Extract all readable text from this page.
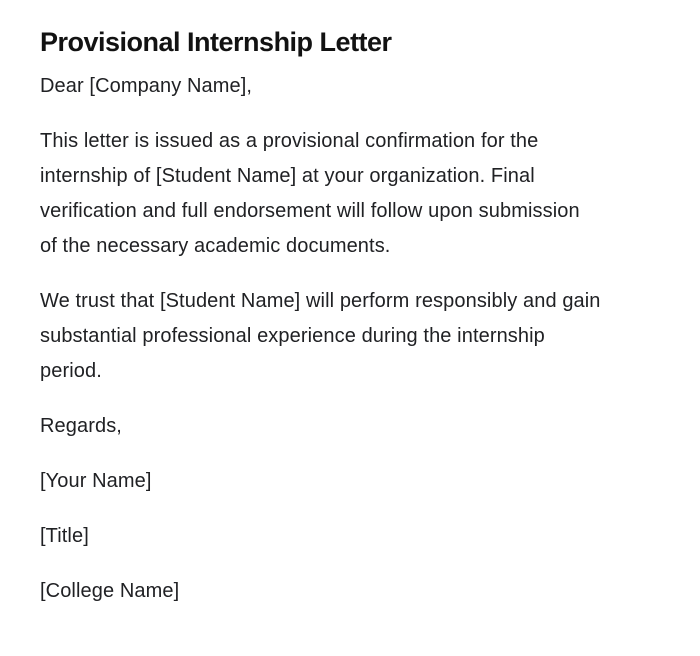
Provisional Internship Letter

Dear [Company Name],

This letter is issued as a provisional confirmation for the
internship of [Student Name] at your organization. Final
verification and full endorsement will follow upon submission
of the necessary academic documents.

We trust that [Student Name] will perform responsibly and gain
substantial professional experience during the internship
period.

Regards,

[Your Name]

[Title]

[College Name]
